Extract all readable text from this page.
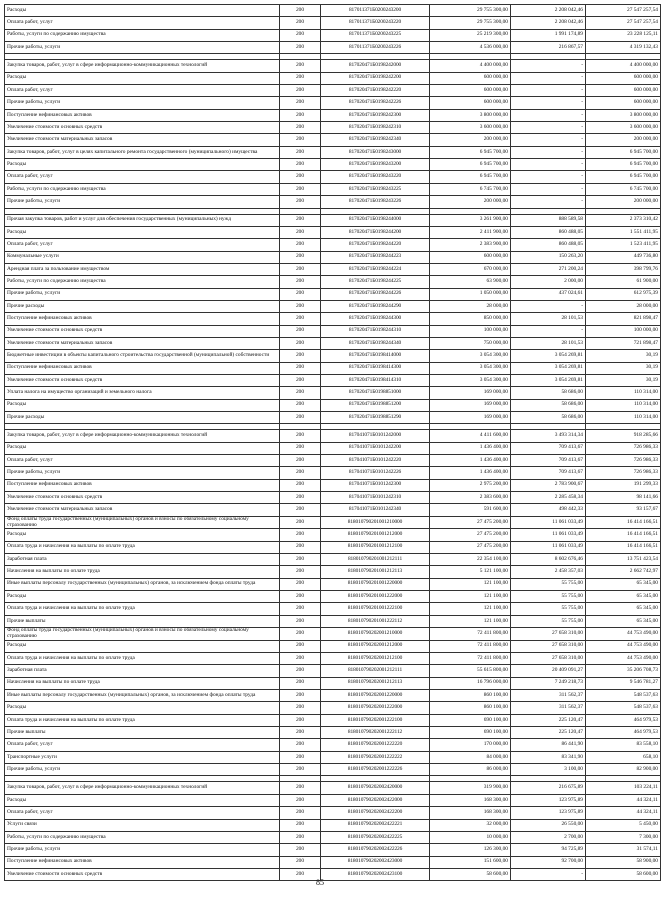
Расходы	200	817011371Б0200243200	29 755 300,00	2 208 042,46	27 547 257,54
Оплата работ, услуг	200	817011371Б0200243220	29 755 300,00	2 208 042,46	27 547 257,54
Работы, услуги по содержанию имущества	200	817011371Б0200243225	25 219 300,00	1 991 174,89	23 228 125,11
Прочие работы, услуги	200	817011371Б0200243226	4 536 000,00	216 867,57	4 319 132,43

Закупка товаров, работ, услуг в сфере информационно-коммуникационных технологий	200	817020471Б0198242000	4 400 000,00	-	4 400 000,00
Расходы	200	817020471Б0198242200	600 000,00	-	600 000,00
Оплата работ, услуг	200	817020471Б0198242220	600 000,00	-	600 000,00
Прочие работы, услуги	200	817020471Б0198242226	600 000,00	-	600 000,00
Поступление нефинансовых активов	200	817020471Б0198242300	3 800 000,00	-	3 800 000,00
Увеличение стоимости основных средств	200	817020471Б0198242310	3 600 000,00	-	3 600 000,00
Увеличение стоимости материальных запасов	200	817020471Б0198242340	200 000,00	-	200 000,00
Закупка товаров, работ, услуг в целях капитального ремонта государственного (муниципального) имущества	200	817020471Б0198243000	6 945 700,00	-	6 945 700,00
Расходы	200	817020471Б0198243200	6 945 700,00	-	6 945 700,00
Оплата работ, услуг	200	817020471Б0198243220	6 945 700,00	-	6 945 700,00
Работы, услуги по содержанию имущества	200	817020471Б0198243225	6 745 700,00	-	6 745 700,00
Прочие работы, услуги	200	817020471Б0198243226	200 000,00	-	200 000,00

Прочая закупка товаров, работ и услуг для обеспечения государственных (муниципальных) нужд	200	817020471Б0198244000	3 261 900,00	888 589,58	2 373 310,42
Расходы	200	817020471Б0198244200	2 411 900,00	860 488,05	1 551 411,95
Оплата работ, услуг	200	817020471Б0198244220	2 383 900,00	860 488,05	1 523 411,95
Коммунальные услуги	200	817020471Б0198244223	600 000,00	150 263,20	449 736,80
Арендная плата за пользование имуществом	200	817020471Б0198244224	670 000,00	271 200,24	398 799,76
Работы, услуги по содержанию имущества	200	817020471Б0198244225	63 900,00	2 000,00	61 900,00
Прочие работы, услуги	200	817020471Б0198244226	1 050 000,00	437 024,61	612 975,39
Прочие расходы	200	817020471Б0198244290	28 000,00	-	28 000,00
Поступление нефинансовых активов	200	817020471Б0198244300	850 000,00	28 101,53	821 898,47
Увеличение стоимости основных средств	200	817020471Б0198244310	100 000,00	-	100 000,00
Увеличение стоимости материальных запасов	200	817020471Б0198244340	750 000,00	28 101,53	721 898,47
Бюджетные инвестиции в объекты капитального строительства государственной (муниципальной) собственности	200	817020471Б0198414000	3 054 300,00	3 054 269,81	30,19
Поступление нефинансовых активов	200	817020471Б0198414300	3 054 300,00	3 054 269,81	30,19
Увеличение стоимости основных средств	200	817020471Б0198414310	3 054 300,00	3 054 269,81	30,19
Уплата налога на имущество организаций и земельного налога	200	817020471Б0198851000	169 000,00	58 686,00	110 314,00
Расходы	200	817020471Б0198851200	169 000,00	58 686,00	110 314,00
Прочие расходы	200	817020471Б0198851290	169 000,00	58 686,00	110 314,00

Закупка товаров, работ, услуг в сфере информационно-коммуникационных технологий	200	817041071Б0101242000	4 411 600,00	3 493 314,34	918 285,66
Расходы	200	817041071Б0101242200	1 436 400,00	709 413,67	726 986,33
Оплата работ, услуг	200	817041071Б0101242220	1 436 400,00	709 413,67	726 986,33
Прочие работы, услуги	200	817041071Б0101242226	1 436 400,00	709 413,67	726 986,33
Поступление нефинансовых активов	200	817041071Б0101242300	2 975 200,00	2 783 900,67	191 299,33
Увеличение стоимости основных средств	200	817041071Б0101242310	2 383 600,00	2 285 458,34	98 141,66
Увеличение стоимости материальных запасов	200	817041071Б0101242340	591 600,00	498 442,33	93 157,67
Фонд оплаты труда государственных (муниципальных) органов и взносы по обязательному социальному страхованию	200	818010790201001210000	27 475 200,00	11 061 033,49	16 414 166,51
Расходы	200	818010790201001212000	27 475 200,00	11 061 033,49	16 414 166,51
Оплата труда и начисления на выплаты по оплате труда	200	818010790201001212100	27 475 200,00	11 061 033,49	16 414 166,51
Заработная плата	200	818010790201001212111	22 354 100,00	8 602 676,46	13 751 423,54
Начисления на выплаты по оплате труда	200	818010790201001212113	5 121 100,00	2 458 357,03	2 662 742,97
Иные выплаты персоналу государственных (муниципальных) органов, за исключением фонда оплаты труда	200	818010790201001220000	121 100,00	55 755,00	65 345,00
Расходы	200	818010790201001222000	121 100,00	55 755,00	65 345,00
Оплата труда и начисления на выплаты по оплате труда	200	818010790201001222100	121 100,00	55 755,00	65 345,00
Прочие выплаты	200	818010790201001222112	121 100,00	55 755,00	65 345,00
Фонд оплаты труда государственных (муниципальных) органов и взносы по обязательному социальному страхованию	200	818010790202001210000	72 411 800,00	27 658 310,00	44 753 490,00
Расходы	200	818010790202001212000	72 411 800,00	27 658 310,00	44 753 490,00
Оплата труда и начисления на выплаты по оплате труда	200	818010790202001212100	72 411 800,00	27 658 310,00	44 753 490,00
Заработная плата	200	818010790202001212111	55 615 800,00	20 409 091,27	35 206 708,73
Начисления на выплаты по оплате труда	200	818010790202001212113	16 796 000,00	7 249 218,73	9 546 781,27
Иные выплаты персоналу государственных (муниципальных) органов, за исключением фонда оплаты труда	200	818010790202001220000	860 100,00	311 562,37	548 537,63
Расходы	200	818010790202001222000	860 100,00	311 562,37	548 537,63
Оплата труда и начисления на выплаты по оплате труда	200	818010790202001222100	690 100,00	225 120,47	464 979,53
Прочие выплаты	200	818010790202001222112	690 100,00	225 120,47	464 979,53
Оплата работ, услуг	200	818010790202001222220	170 000,00	86 441,90	83 558,10
Транспортные услуги	200	818010790202001222222	84 000,00	83 341,90	658,10
Прочие работы, услуги	200	818010790202001222226	86 000,00	3 100,00	82 900,00

Закупка товаров, работ, услуг в сфере информационно-коммуникационных технологий	200	818010790202002420000	319 900,00	216 675,89	103 224,11
Расходы	200	818010790202002422000	168 300,00	123 975,89	44 324,11
Оплата работ, услуг	200	818010790202002422200	168 300,00	123 975,89	44 324,11
Услуги связи	200	818010790202002422221	32 000,00	26 550,00	5 450,00
Работы, услуги по содержанию имущества	200	818010790202002422225	10 000,00	2 700,00	7 300,00
Прочие работы, услуги	200	818010790202002422226	126 300,00	94 725,89	31 574,11
Поступление нефинансовых активов	200	818010790202002423000	151 600,00	92 700,00	58 900,00
Увеличение стоимости основных средств	200	818010790202002423100	58 600,00	-	58 600,00
85
